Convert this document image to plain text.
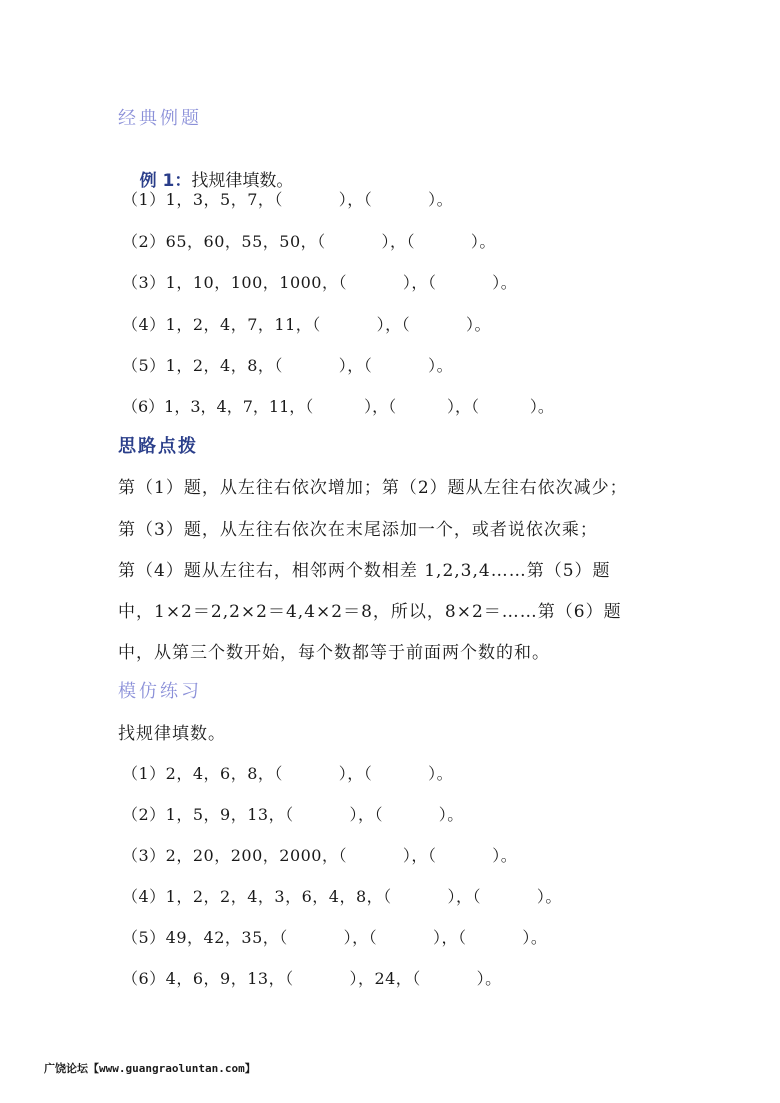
经典例题

例 1：找规律填数。

（1）1，3，5，7，（          ），（          ）。
（2）65，60，55，50，（          ），（          ）。
（3）1，10，100，1000，（          ），（          ）。
（4）1，2，4，7，11，（          ），（          ）。
（5）1，2，4，8，（          ），（          ）。
（6）1，3，4，7，11，（          ），（          ），（          ）。
思路点拨
第（1）题，从左往右依次增加；第（2）题从左往右依次减少；
第（3）题，从左往右依次在末尾添加一个，或者说依次乘；
第（4）题从左往右，相邻两个数相差 1,2,3,4……第（5）题
中，1×2＝2,2×2＝4,4×2＝8，所以，8×2＝……第（6）题
中，从第三个数开始，每个数都等于前面两个数的和。
模仿练习
找规律填数。
（1）2，4，6，8，（          ），（          ）。
（2）1，5，9，13，（          ），（          ）。
（3）2，20，200，2000，（          ），（          ）。
（4）1，2，2，4，3，6，4，8，（          ），（          ）。
（5）49，42，35，（          ），（          ），（          ）。
（6）4，6，9，13，（          ），24，（          ）。
广饶论坛【www.guangraoluntan.com】
